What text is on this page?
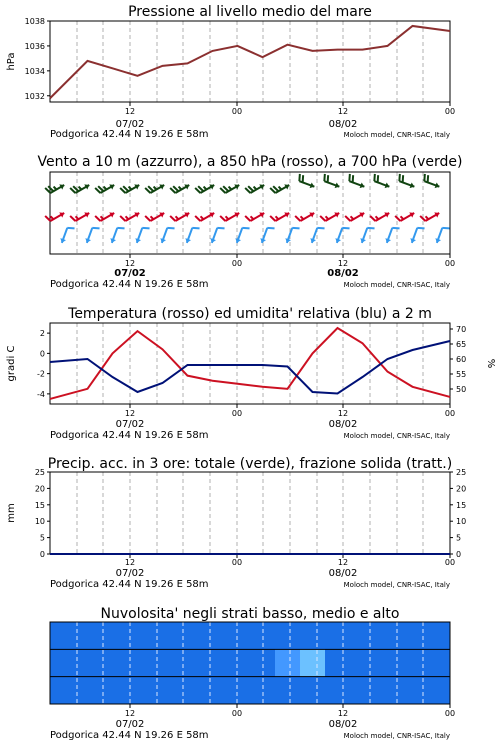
Pressione al livello medio del mare
12
07/02
00	12
08/02
00
Podgorica 42.44 N 19.26 E 58m	Moloch model, CNR-ISAC, Italy
hPa
1032
1034
1036
1038
Vento a 10 m (azzurro), a 850 hPa (rosso), a 700 hPa (verde)
12
07/02
00	12
08/02
00
Podgorica 42.44 N 19.26 E 58m	Moloch model, CNR-ISAC, Italy
Temperatura (rosso) ed umidita' relativa (blu) a 2 m
12
07/02
00	12
08/02
00
Podgorica 42.44 N 19.26 E 58m	Moloch model, CNR-ISAC, Italy
gradi C	%
2
0
-2
-4
70
65
60
55
50
Precip. acc. in 3 ore: totale (verde), frazione solida (tratt.)
12
07/02
00	12
08/02
00
Podgorica 42.44 N 19.26 E 58m	Moloch model, CNR-ISAC, Italy
mm
25	25
20	20
15	15
10	10
5	5
0	0
Nuvolosita' negli strati basso, medio e alto
12
07/02
00	12
08/02
00
Podgorica 42.44 N 19.26 E 58m	Moloch model, CNR-ISAC, Italy
